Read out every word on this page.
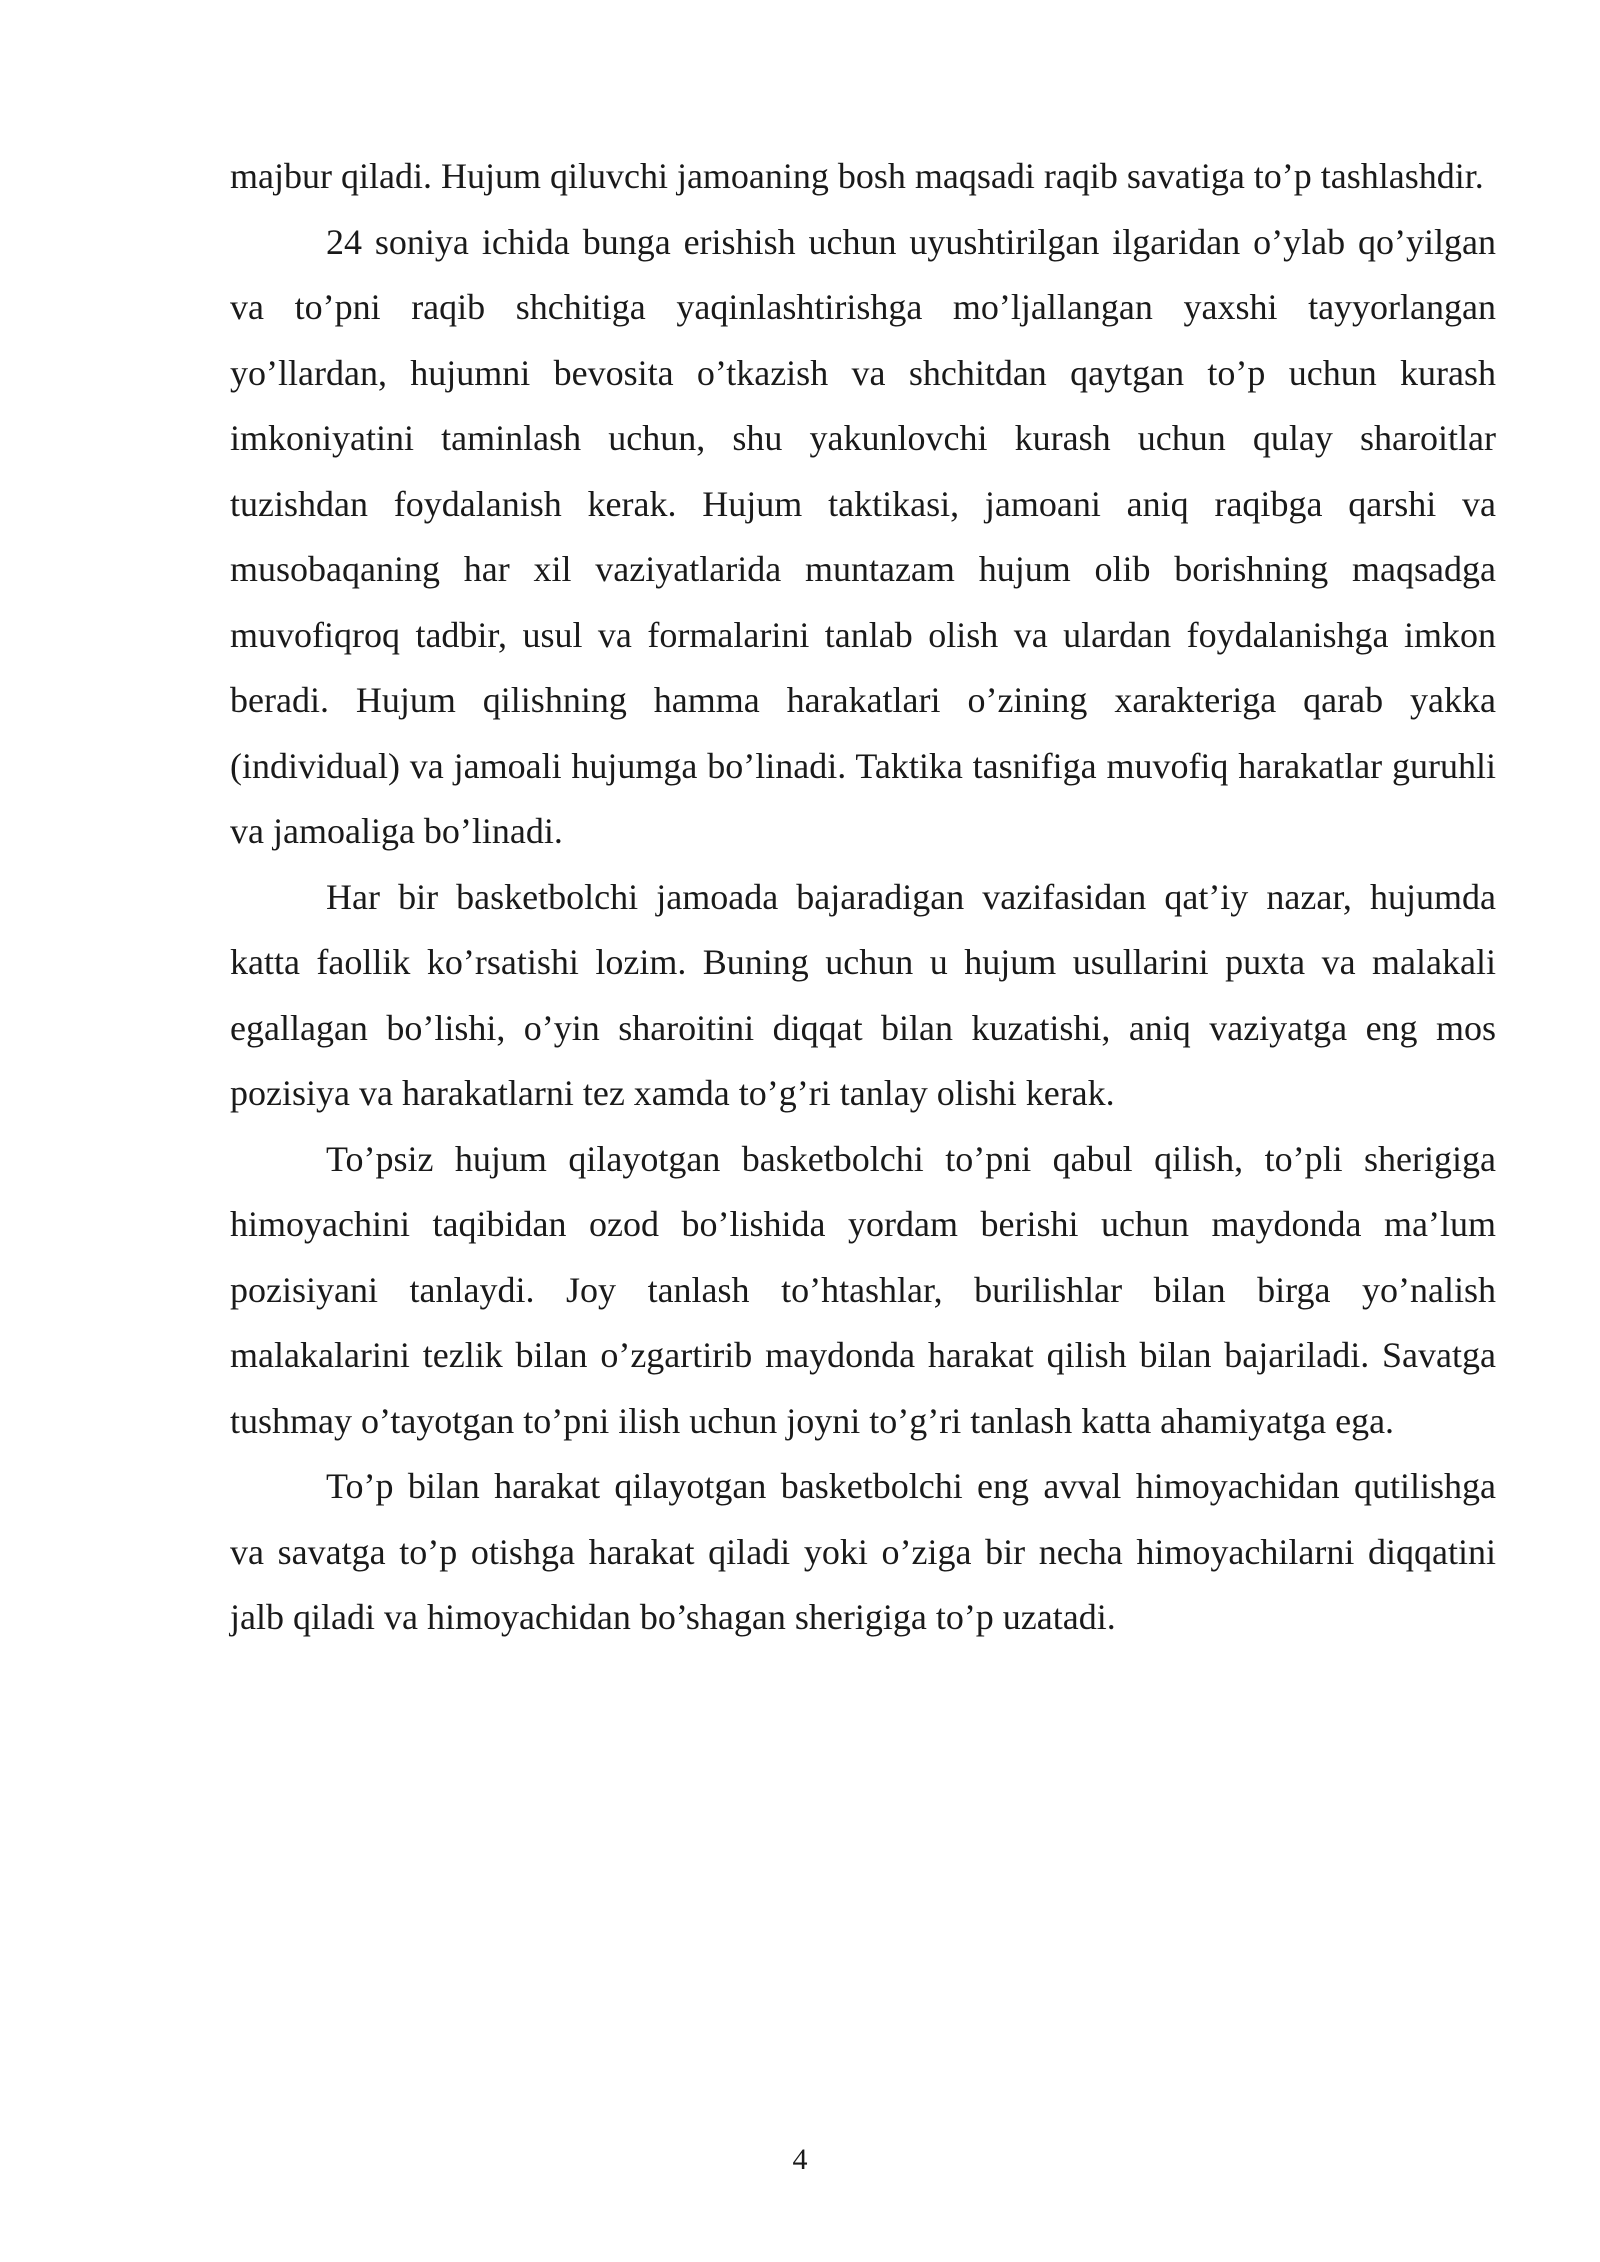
majbur qiladi. Hujum qiluvchi jamoaning bosh maqsadi raqib savatiga to’p tashlashdir.

24 soniya ichida bunga erishish uchun uyushtirilgan ilgaridan o’ylab qo’yilgan va to’pni raqib shchitiga yaqinlashtirishga mo’ljallangan yaxshi tayyorlangan yo’llardan, hujumni bevosita o’tkazish va shchitdan qaytgan to’p uchun kurash imkoniyatini taminlash uchun, shu yakunlovchi kurash uchun qulay sharoitlar tuzishdan foydalanish kerak. Hujum taktikasi, jamoani aniq raqibga qarshi va musobaqaning har xil vaziyatlarida muntazam hujum olib borishning maqsadga muvofiqroq tadbir, usul va formalarini tanlab olish va ulardan foydalanishga imkon beradi. Hujum qilishning hamma harakatlari o’zining xarakteriga qarab yakka (individual) va jamoali hujumga bo’linadi. Taktika tasnifiga muvofiq harakatlar guruhli va jamoaliga bo’linadi.

Har bir basketbolchi jamoada bajaradigan vazifasidan qat’iy nazar, hujumda katta faollik ko’rsatishi lozim. Buning uchun u hujum usullarini puxta va malakali egallagan bo’lishi, o’yin sharoitini diqqat bilan kuzatishi, aniq vaziyatga eng mos pozisiya va harakatlarni tez xamda to’g’ri tanlay olishi kerak.

To’psiz hujum qilayotgan basketbolchi to’pni qabul qilish, to’pli sherigiga himoyachini taqibidan ozod bo’lishida yordam berishi uchun maydonda ma’lum pozisiyani tanlaydi. Joy tanlash to’htashlar, burilishlar bilan birga yo’nalish malakalarini tezlik bilan o’zgartirib maydonda harakat qilish bilan bajariladi. Savatga tushmay o’tayotgan to’pni ilish uchun joyni to’g’ri tanlash katta ahamiyatga ega.

To’p bilan harakat qilayotgan basketbolchi eng avval himoyachidan qutilishga va savatga to’p otishga harakat qiladi yoki o’ziga bir necha himoyachilarni diqqatini jalb qiladi va himoyachidan bo’shagan sherigiga to’p uzatadi.

4
